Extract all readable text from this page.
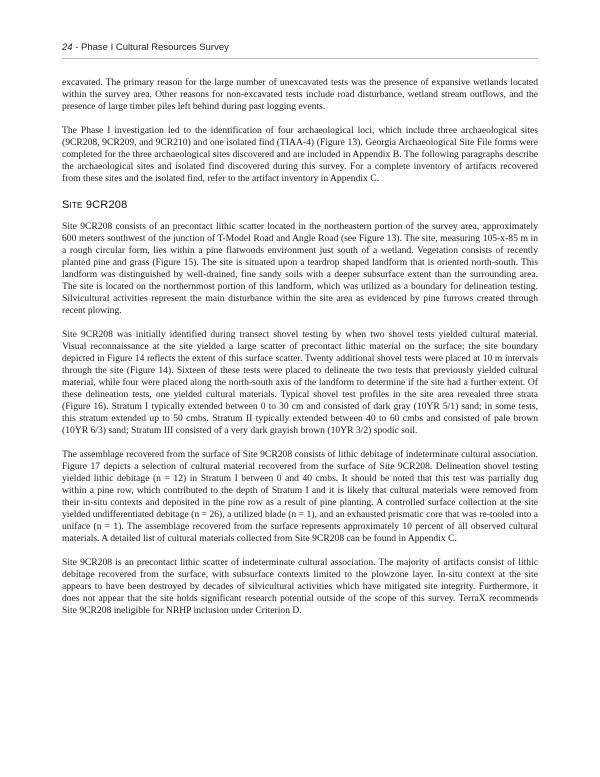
24 - Phase I Cultural Resources Survey

excavated. The primary reason for the large number of unexcavated tests was the presence of expansive wetlands located within the survey area. Other reasons for non-excavated tests include road disturbance, wetland stream outflows, and the presence of large timber piles left behind during past logging events.

The Phase I investigation led to the identification of four archaeological loci, which include three archaeological sites (9CR208, 9CR209, and 9CR210) and one isolated find (TIAA-4) (Figure 13). Georgia Archaeological Site File forms were completed for the three archaeological sites discovered and are included in Appendix B. The following paragraphs describe the archaeological sites and isolated find discovered during this survey. For a complete inventory of artifacts recovered from these sites and the isolated find, refer to the artifact inventory in Appendix C.

Site 9CR208

Site 9CR208 consists of an precontact lithic scatter located in the northeastern portion of the survey area, approximately 600 meters southwest of the junction of T-Model Road and Angle Road (see Figure 13). The site, measuring 105-x-85 m in a rough circular form, lies within a pine flatwoods environment just south of a wetland. Vegetation consists of recently planted pine and grass (Figure 15). The site is situated upon a teardrop shaped landform that is oriented north-south. This landform was distinguished by well-drained, fine sandy soils with a deeper subsurface extent than the surrounding area. The site is located on the northernmost portion of this landform, which was utilized as a boundary for delineation testing. Silvicultural activities represent the main disturbance within the site area as evidenced by pine furrows created through recent plowing.

Site 9CR208 was initially identified during transect shovel testing by when two shovel tests yielded cultural material. Visual reconnaissance at the site yielded a large scatter of precontact lithic material on the surface; the site boundary depicted in Figure 14 reflects the extent of this surface scatter. Twenty additional shovel tests were placed at 10 m intervals through the site (Figure 14). Sixteen of these tests were placed to delineate the two tests that previously yielded cultural material, while four were placed along the north-south axis of the landform to determine if the site had a further extent. Of these delineation tests, one yielded cultural materials. Typical shovel test profiles in the site area revealed three strata (Figure 16). Stratum I typically extended between 0 to 30 cm and consisted of dark gray (10YR 5/1) sand; in some tests, this stratum extended up to 50 cmbs. Stratum II typically extended between 40 to 60 cmbs and consisted of pale brown (10YR 6/3) sand; Stratum III consisted of a very dark grayish brown (10YR 3/2) spodic soil.

The assemblage recovered from the surface of Site 9CR208 consists of lithic debitage of indeterminate cultural association. Figure 17 depicts a selection of cultural material recovered from the surface of Site 9CR208. Delineation shovel testing yielded lithic debitage (n = 12) in Stratum I between 0 and 40 cmbs. It should be noted that this test was partially dug within a pine row, which contributed to the depth of Stratum I and it is likely that cultural materials were removed from their in-situ contexts and deposited in the pine row as a result of pine planting. A controlled surface collection at the site yielded undifferentiated debitage (n = 26), a utilized blade (n = 1), and an exhausted prismatic core that was re-tooled into a uniface (n = 1). The assemblage recovered from the surface represents approximately 10 percent of all observed cultural materials. A detailed list of cultural materials collected from Site 9CR208 can be found in Appendix C.

Site 9CR208 is an precontact lithic scatter of indeterminate cultural association. The majority of artifacts consist of lithic debitage recovered from the surface, with subsurface contexts limited to the plowzone layer. In-situ context at the site appears to have been destroyed by decades of silvicultural activities which have mitigated site integrity. Furthermore, it does not appear that the site holds significant research potential outside of the scope of this survey. TerraX recommends Site 9CR208 ineligible for NRHP inclusion under Criterion D.
